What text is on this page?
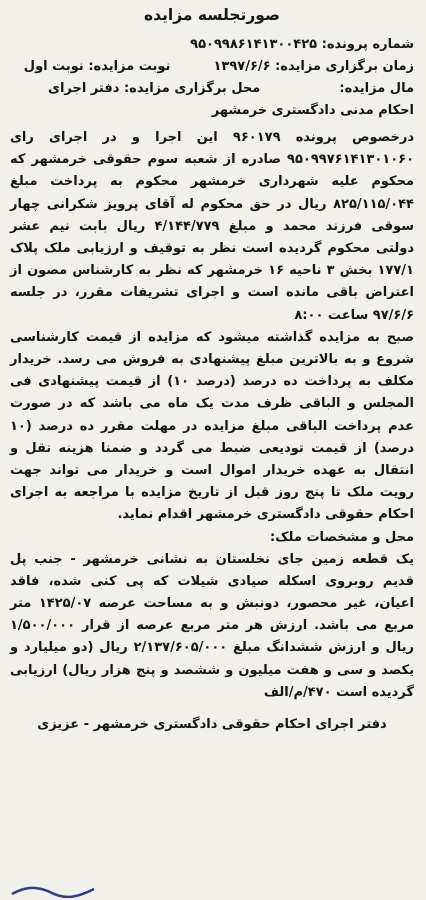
صورتجلسه مزایده
شماره پرونده: ۹۵۰۹۹۸۶۱۴۱۳۰۰۴۲۵
زمان برگزاری مزایده: ۱۳۹۷/۶/۶  نوبت مزایده: نوبت اول
مال مزایده:  محل برگزاری مزایده: دفتر اجرای
احکام مدنی دادگستری خرمشهر

درخصوص پرونده ۹۶۰۱۷۹ این اجرا و در اجرای رای ۹۵۰۹۹۷۶۱۴۱۳۰۱۰۶۰ صادره از شعبه سوم حقوقی خرمشهر که محکوم علیه شهرداری خرمشهر محکوم به پرداخت مبلغ ۸۲۵/۱۱۵/۰۴۴ ریال در حق محکوم له آقای پرویز شکرانی چهار سوقی فرزند محمد و مبلغ ۴/۱۴۴/۷۷۹ ریال بابت نیم عشر دولتی محکوم گردیده است نظر به توقیف و ارزیابی ملک پلاک ۱۷۷/۱ بخش ۳ ناحیه ۱۶ خرمشهر که نظر به کارشناس مصون از اعتراض باقی مانده است و اجرای تشریفات مقرر، در جلسه ۹۷/۶/۶ ساعت ۸:۰۰

صبح به مزایده گذاشته میشود که مزایده از قیمت کارشناسی شروع و به بالاترین مبلغ پیشنهادی به فروش می رسد. خریدار مکلف به پرداخت ده درصد (درصد ۱۰) از قیمت پیشنهادی فی المجلس و الباقی ظرف مدت یک ماه می باشد که در صورت عدم پرداخت الباقی مبلغ مزایده در مهلت مقرر ده درصد (۱۰ درصد) از قیمت تودیعی ضبط می گردد و ضمنا هزینه نقل و انتقال به عهده خریدار اموال است و خریدار می تواند جهت رویت ملک تا پنج روز قبل از تاریخ مزایده با مراجعه به اجرای احکام حقوقی دادگستری خرمشهر اقدام نماید.

محل و مشخصات ملک:

یک قطعه زمین جای نخلستان به نشانی خرمشهر - جنب پل قدیم روبروی اسکله صیادی شیلات که پی کنی شده، فاقد اعیان، غیر محصور، دونبش و به مساحت عرصه ۱۴۲۵/۰۷ متر مربع می باشد. ارزش هر متر مربع عرصه از قرار ۱/۵۰۰/۰۰۰ ریال و ارزش ششدانگ مبلغ ۲/۱۳۷/۶۰۵/۰۰۰ ریال (دو میلیارد و یکصد و سی و هفت میلیون و ششصد و پنج هزار ریال) ارزیابی گردیده است ۴۷۰/م/الف

دفتر اجرای احکام حقوقی دادگستری خرمشهر - عزیزی
